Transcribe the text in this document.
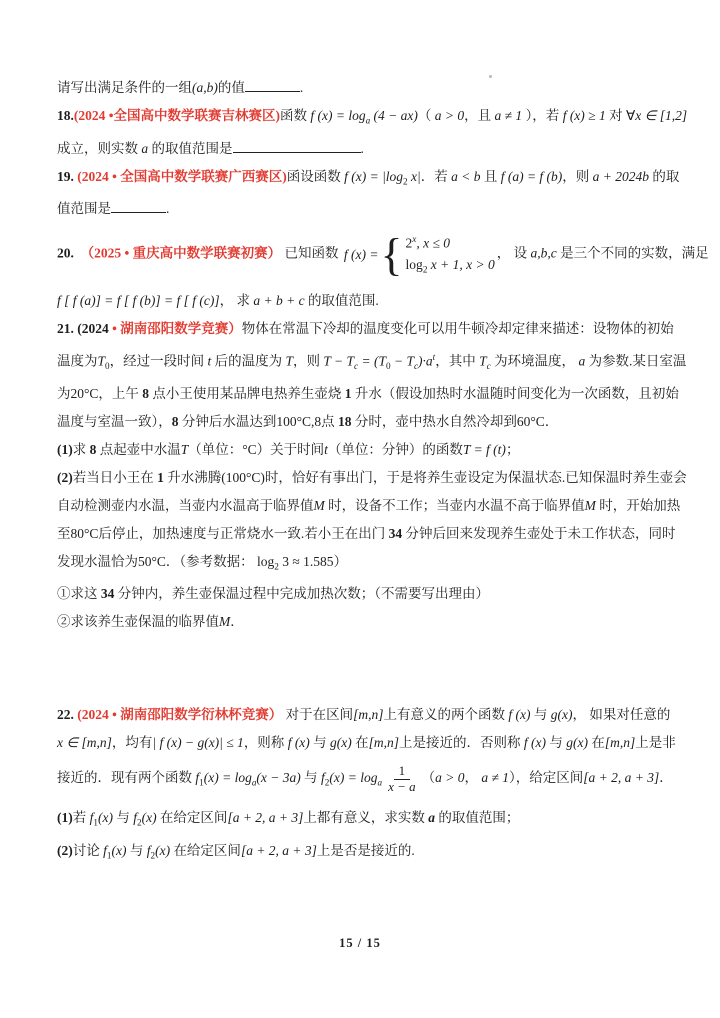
请写出满足条件的一组(a,b)的值	.
18.(2024 •全国高中数学联赛吉林赛区)函数 f $(x) = \log_a (4 - ax)$（ a > 0，且 a ≠ 1 ），若 f (x) ≥ 1 对 ∀x ∈ [1,2]
成立，则实数 a 的取值范围是	.
19. (2024 • 全国高中数学联赛广西赛区)函设函数 f $(x) = |\log_2$ x|．若 a < b 且 f (a) = f (b)，则 a + 2024b 的取
值范围是	.
20.　（2025 • 重庆高中数学联赛初赛） 已知函数 f (x) = { 2$^x$, x ≤ 0
$\log_2 x + 1$, x > 0
， 设 a,b,c 是三个不同的实数，满足
f [ f (a)] = f [ f (b)] = f [ f (c)]， 求 a + b + c 的取值范围.
21. (2024 • 湖南邵阳数学竞赛）物体在常温下冷却的温度变化可以用牛顿冷却定律来描述：设物体的初始
温度为$T_0$，经过一段时间 t 后的温度为 T，则 $T - T_c = (T_0 - T_c)\cdot a^t$，其中 $T_c$ 为环境温度， a 为参数.某日室温
为20°C，上午 8 点小王使用某品牌电热养生壶烧 1 升水（假设加热时水温随时间变化为一次函数，且初始
温度与室温一致），8 分钟后水温达到100°C,8点 18 分时，壶中热水自然冷却到60°C．
(1)求 8 点起壶中水温T（单位：°C）关于时间t（单位：分钟）的函数T = f (t)；
(2)若当日小王在 1 升水沸腾(100°C)时，恰好有事出门，于是将养生壶设定为保温状态.已知保温时养生壶会
自动检测壶内水温，当壶内水温高于临界值M 时，设备不工作；当壶内水温不高于临界值M 时，开始加热
至80°C后停止，加热速度与正常烧水一致.若小王在出门 34 分钟后回来发现养生壶处于未工作状态，同时
发现水温恰为50°C．（参考数据： $\log_2 3 \approx 1.585$）
①求这 34 分钟内，养生壶保温过程中完成加热次数；（不需要写出理由）
②求该养生壶保温的临界值M．
22. (2024 • 湖南邵阳数学衍林杯竞赛） 对于在区间[m,n]上有意义的两个函数 f (x) 与 g(x)， 如果对任意的
x ∈ [m,n]，均有| f (x) − g(x)| ≤ 1，则称 f (x) 与 g(x) 在[m,n]上是接近的．否则称 f (x) 与 g(x) 在[m,n]上是非
接近的．现有两个函数 $f_1(x) = \log_a(x - 3a)$ 与 $f_2(x) = \log_a \frac{1}{x - a} (a > 0$， a ≠ 1），给定区间[a + 2, a + 3]．
(1)若 $f_1(x)$ 与 $f_2(x)$ 在给定区间[a + 2, a + 3]上都有意义，求实数 a 的取值范围；
(2)讨论 $f_1(x)$ 与 $f_2(x)$ 在给定区间[a + 2, a + 3]上是否是接近的.
15 / 15
